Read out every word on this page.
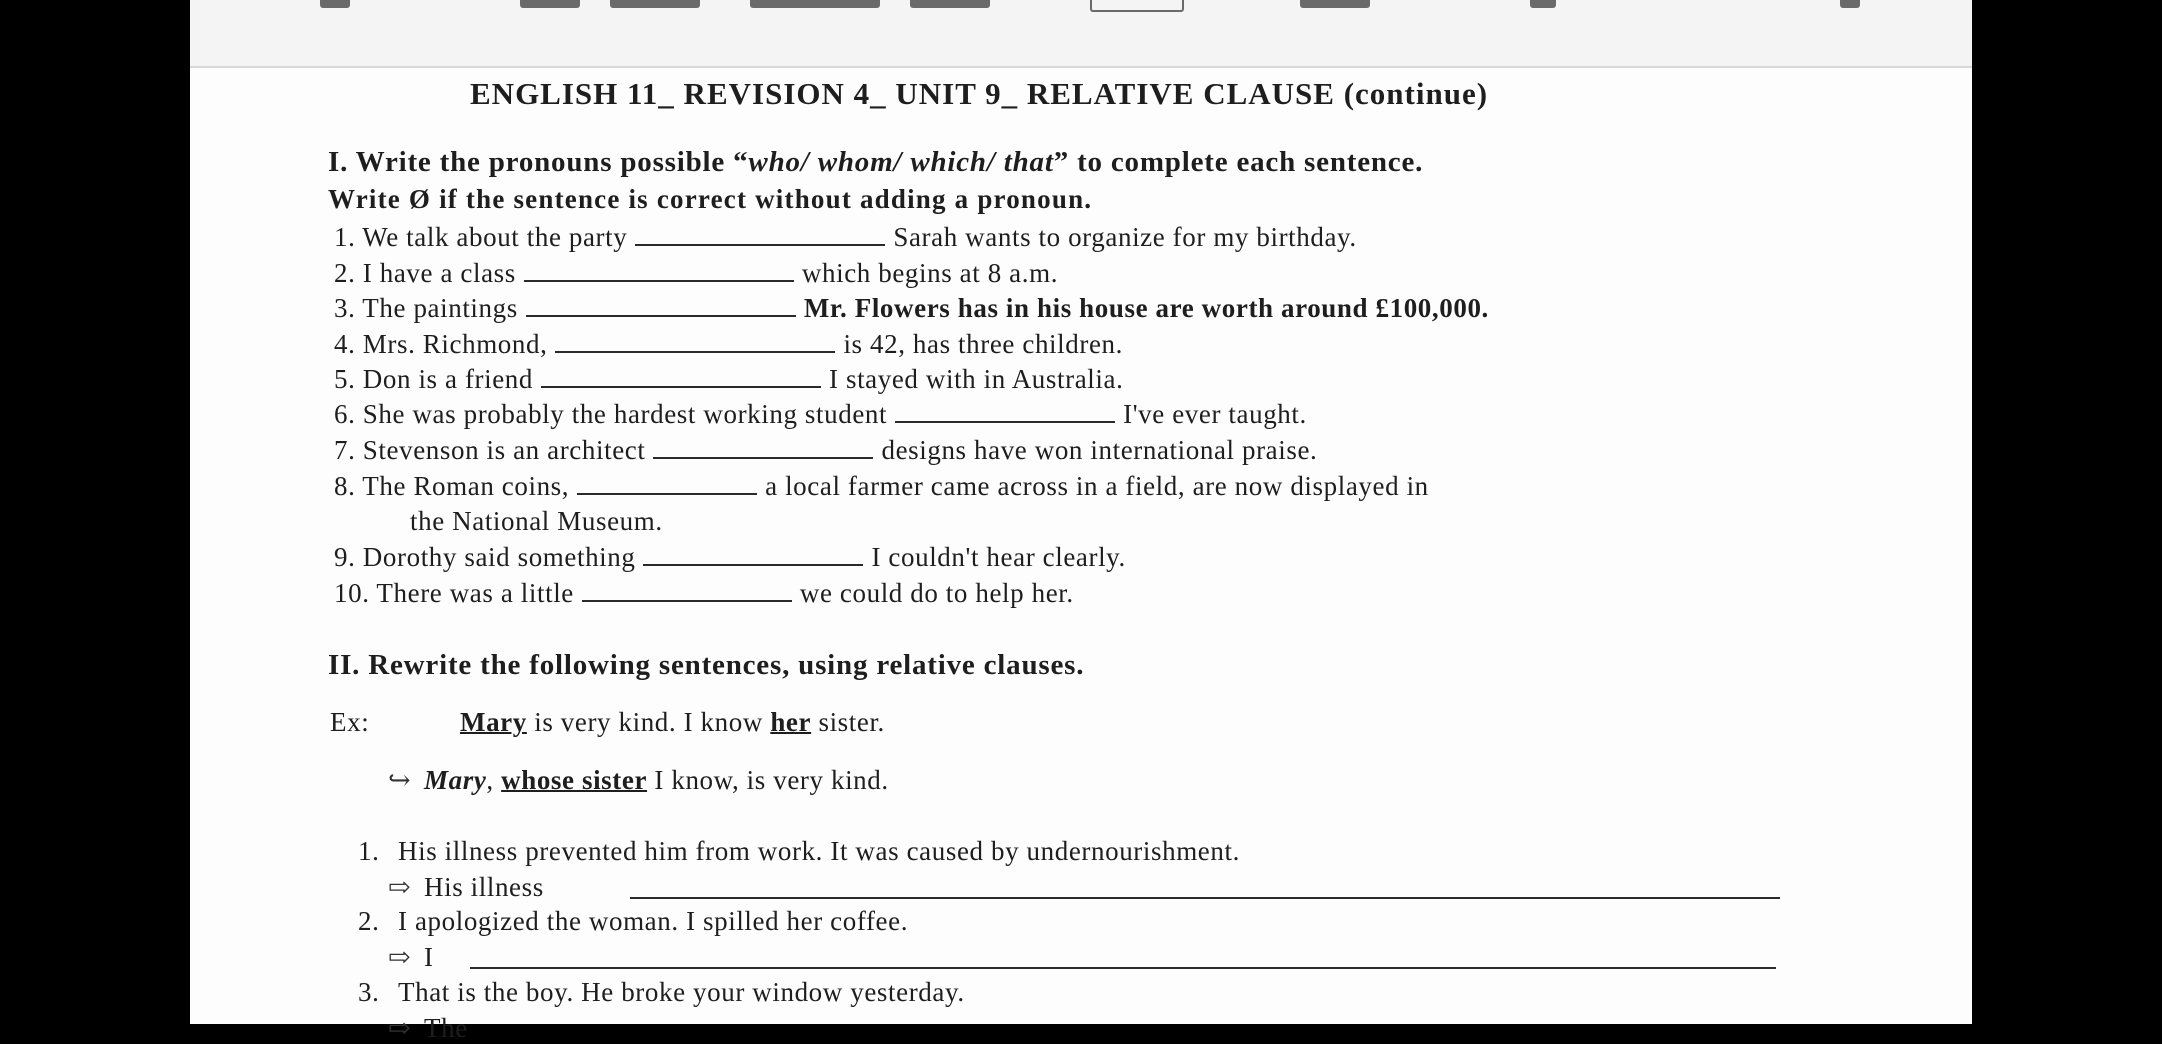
ENGLISH 11_ REVISION 4_ UNIT 9_ RELATIVE CLAUSE (continue)
I. Write the pronouns possible “who/ whom/ which/ that” to complete each sentence.
Write Ø if the sentence is correct without adding a pronoun.
1. We talk about the party	Sarah wants to organize for my birthday.
2. I have a class	which begins at 8 a.m.
3. The paintings	Mr. Flowers has in his house are worth around £100,000.
4. Mrs. Richmond,	is 42, has three children.
5. Don is a friend	I stayed with in Australia.
6. She was probably the hardest working student	I've ever taught.
7. Stevenson is an architect	designs have won international praise.
8. The Roman coins,	a local farmer came across in a field, are now displayed in
the National Museum.
9. Dorothy said something	I couldn't hear clearly.
10. There was a little	we could do to help her.
II. Rewrite the following sentences, using relative clauses.
Ex:	Mary is very kind. I know her sister.
↪ Mary, whose sister I know, is very kind.
1. His illness prevented him from work. It was caused by undernourishment.
⇨ His illness
2. I apologized the woman. I spilled her coffee.
⇨ I
3. That is the boy. He broke your window yesterday.
⇨ The
